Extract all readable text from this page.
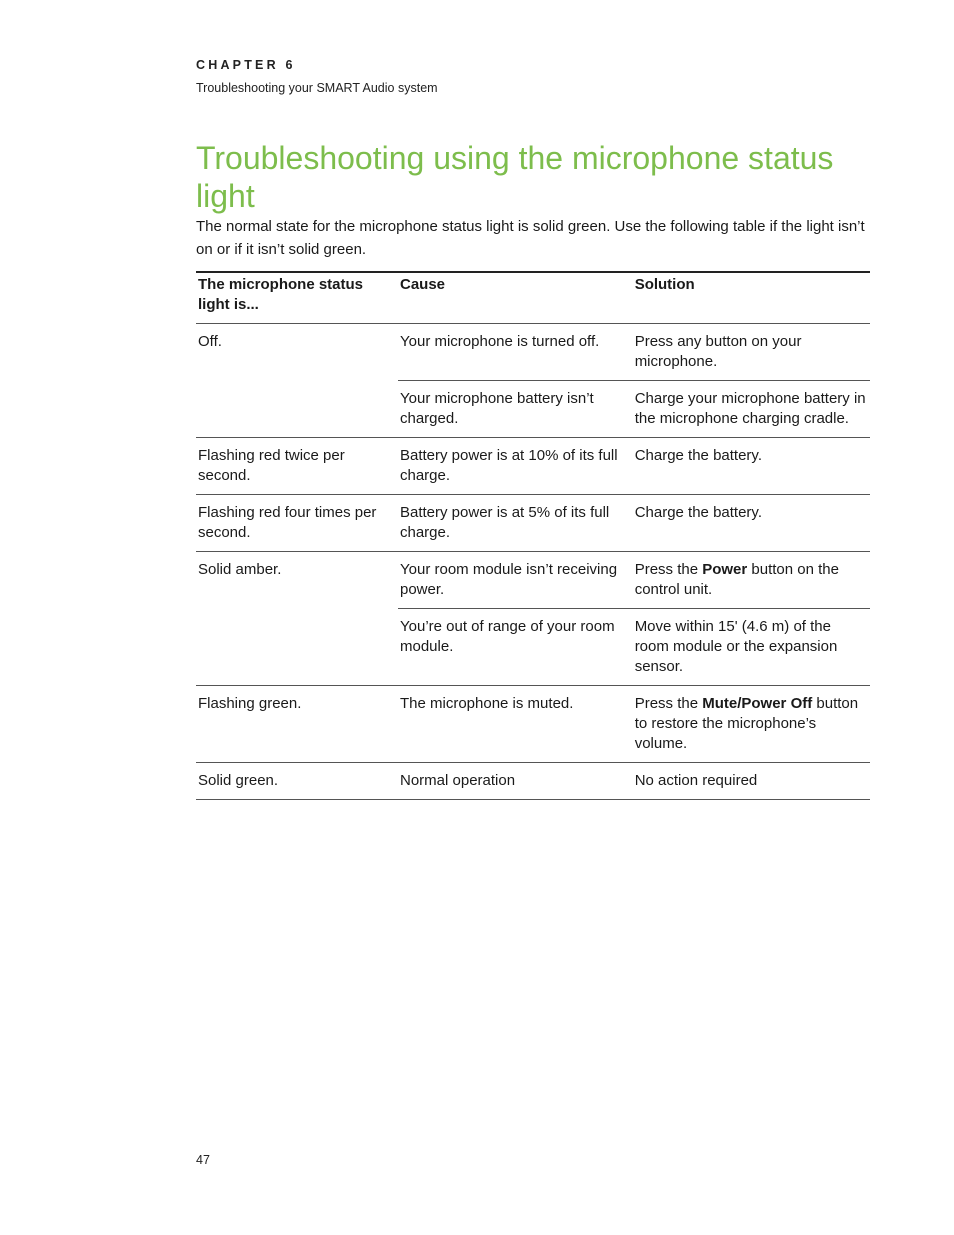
CHAPTER 6

Troubleshooting your SMART Audio system

Troubleshooting using the microphone status light

The normal state for the microphone status light is solid green. Use the following table if the light isn’t on or if it isn’t solid green.

The microphone status light is...	Cause	Solution
Off.	Your microphone is turned off.	Press any button on your microphone.
	Your microphone battery isn’t charged.	Charge your microphone battery in the microphone charging cradle.
Flashing red twice per second.	Battery power is at 10% of its full charge.	Charge the battery.
Flashing red four times per second.	Battery power is at 5% of its full charge.	Charge the battery.
Solid amber.	Your room module isn’t receiving power.	Press the Power button on the control unit.
	You’re out of range of your room module.	Move within 15' (4.6 m) of the room module or the expansion sensor.
Flashing green.	The microphone is muted.	Press the Mute/Power Off button to restore the microphone’s volume.
Solid green.	Normal operation	No action required

47
